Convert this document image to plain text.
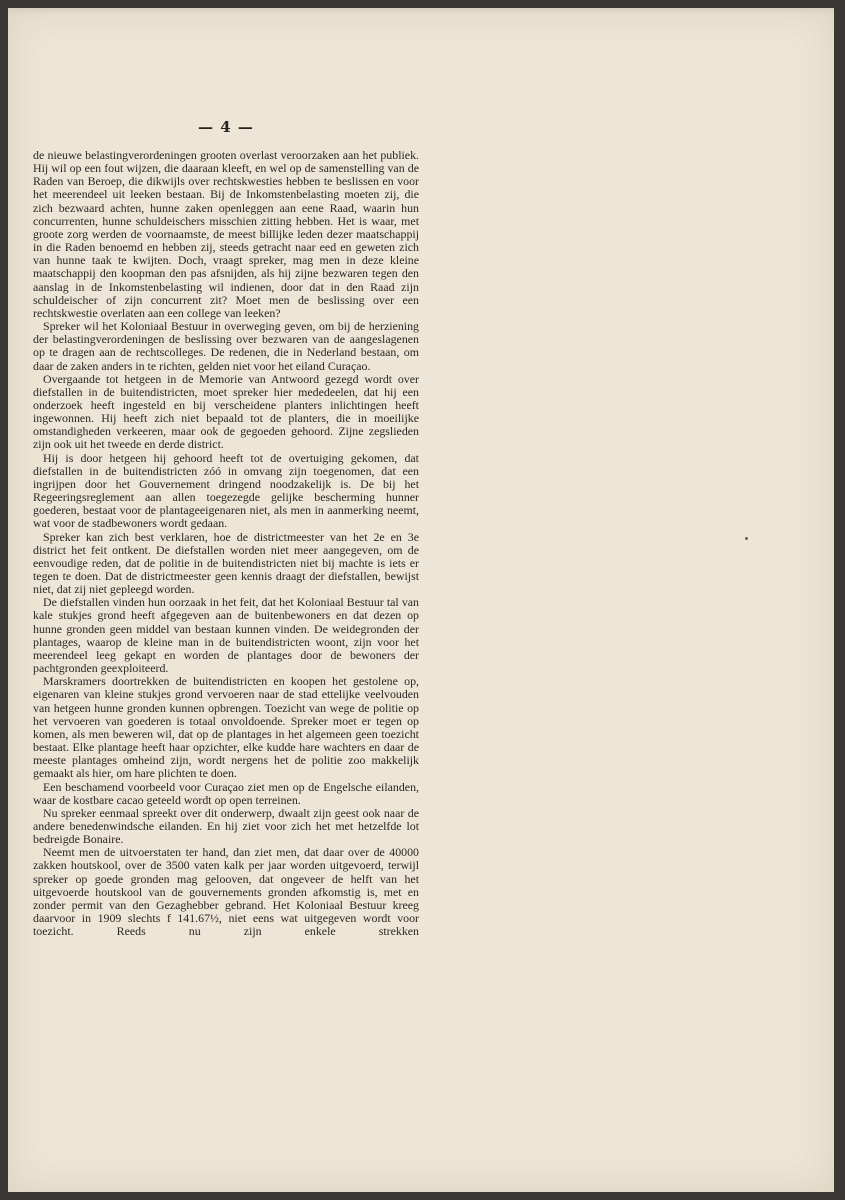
— 4 —

de nieuwe belastingverordeningen grooten overlast veroorzaken aan het publiek. Hij wil op een fout wijzen, die daaraan kleeft, en wel op de samenstelling van de Raden van Beroep, die dikwijls over rechtskwesties hebben te beslissen en voor het meerendeel uit leeken bestaan. Bij de Inkomstenbelasting moeten zij, die zich bezwaard achten, hunne zaken openleggen aan eene Raad, waarin hun concurrenten, hunne schuldeischers misschien zitting hebben. Het is waar, met groote zorg werden de voornaamste, de meest billijke leden dezer maatschappij in die Raden benoemd en hebben zij, steeds getracht naar eed en geweten zich van hunne taak te kwijten. Doch, vraagt spreker, mag men in deze kleine maatschappij den koopman den pas afsnijden, als hij zijne bezwaren tegen den aanslag in de Inkomstenbelasting wil indienen, door dat in den Raad zijn schuldeischer of zijn concurrent zit? Moet men de beslissing over een rechtskwestie overlaten aan een college van leeken?

Spreker wil het Koloniaal Bestuur in overweging geven, om bij de herziening der belastingverordeningen de beslissing over bezwaren van de aangeslagenen op te dragen aan de rechtscolleges. De redenen, die in Nederland bestaan, om daar de zaken anders in te richten, gelden niet voor het eiland Curaçao.

Overgaande tot hetgeen in de Memorie van Antwoord gezegd wordt over diefstallen in de buitendistricten, moet spreker hier mededeelen, dat hij een onderzoek heeft ingesteld en bij verscheidene planters inlichtingen heeft ingewonnen. Hij heeft zich niet bepaald tot de planters, die in moeilijke omstandigheden verkeeren, maar ook de gegoeden gehoord. Zijne zegslieden zijn ook uit het tweede en derde district.

Hij is door hetgeen hij gehoord heeft tot de overtuiging gekomen, dat diefstallen in de buitendistricten zóó in omvang zijn toegenomen, dat een ingrijpen door het Gouvernement dringend noodzakelijk is. De bij het Regeeringsreglement aan allen toegezegde gelijke bescherming hunner goederen, bestaat voor de plantageeigenaren niet, als men in aanmerking neemt, wat voor de stadbewoners wordt gedaan.

Spreker kan zich best verklaren, hoe de districtmeester van het 2e en 3e district het feit ontkent. De diefstallen worden niet meer aangegeven, om de eenvoudige reden, dat de politie in de buitendistricten niet bij machte is iets er tegen te doen. Dat de districtmeester geen kennis draagt der diefstallen, bewijst niet, dat zij niet gepleegd worden.

De diefstallen vinden hun oorzaak in het feit, dat het Koloniaal Bestuur tal van kale stukjes grond heeft afgegeven aan de buitenbewoners en dat dezen op hunne gronden geen middel van bestaan kunnen vinden. De weidegronden der plantages, waarop de kleine man in de buitendistricten woont, zijn voor het meerendeel leeg gekapt en worden de plantages door de bewoners der pachtgronden geexploiteerd.

Marskramers doortrekken de buitendistricten en koopen het gestolene op, eigenaren van kleine stukjes grond vervoeren naar de stad ettelijke veelvouden van hetgeen hunne gronden kunnen opbrengen. Toezicht van wege de politie op het vervoeren van goederen is totaal onvoldoende. Spreker moet er tegen op komen, als men beweren wil, dat op de plantages in het algemeen geen toezicht bestaat. Elke plantage heeft haar opzichter, elke kudde hare wachters en daar de meeste plantages omheind zijn, wordt nergens het de politie zoo makkelijk gemaakt als hier, om hare plichten te doen.

Een beschamend voorbeeld voor Curaçao ziet men op de Engelsche eilanden, waar de kostbare cacao geteeld wordt op open terreinen.

Nu spreker eenmaal spreekt over dit onderwerp, dwaalt zijn geest ook naar de andere benedenwindsche eilanden. En hij ziet voor zich het met hetzelfde lot bedreigde Bonaire.

Neemt men de uitvoerstaten ter hand, dan ziet men, dat daar over de 40000 zakken houtskool, over de 3500 vaten kalk per jaar worden uitgevoerd, terwijl spreker op goede gronden mag gelooven, dat ongeveer de helft van het uitgevoerde houtskool van de gouvernements gronden afkomstig is, met en zonder permit van den Gezaghebber gebrand. Het Koloniaal Bestuur kreeg daarvoor in 1909 slechts f 141.67½, niet eens wat uitgegeven wordt voor toezicht. Reeds nu zijn enkele strekken
